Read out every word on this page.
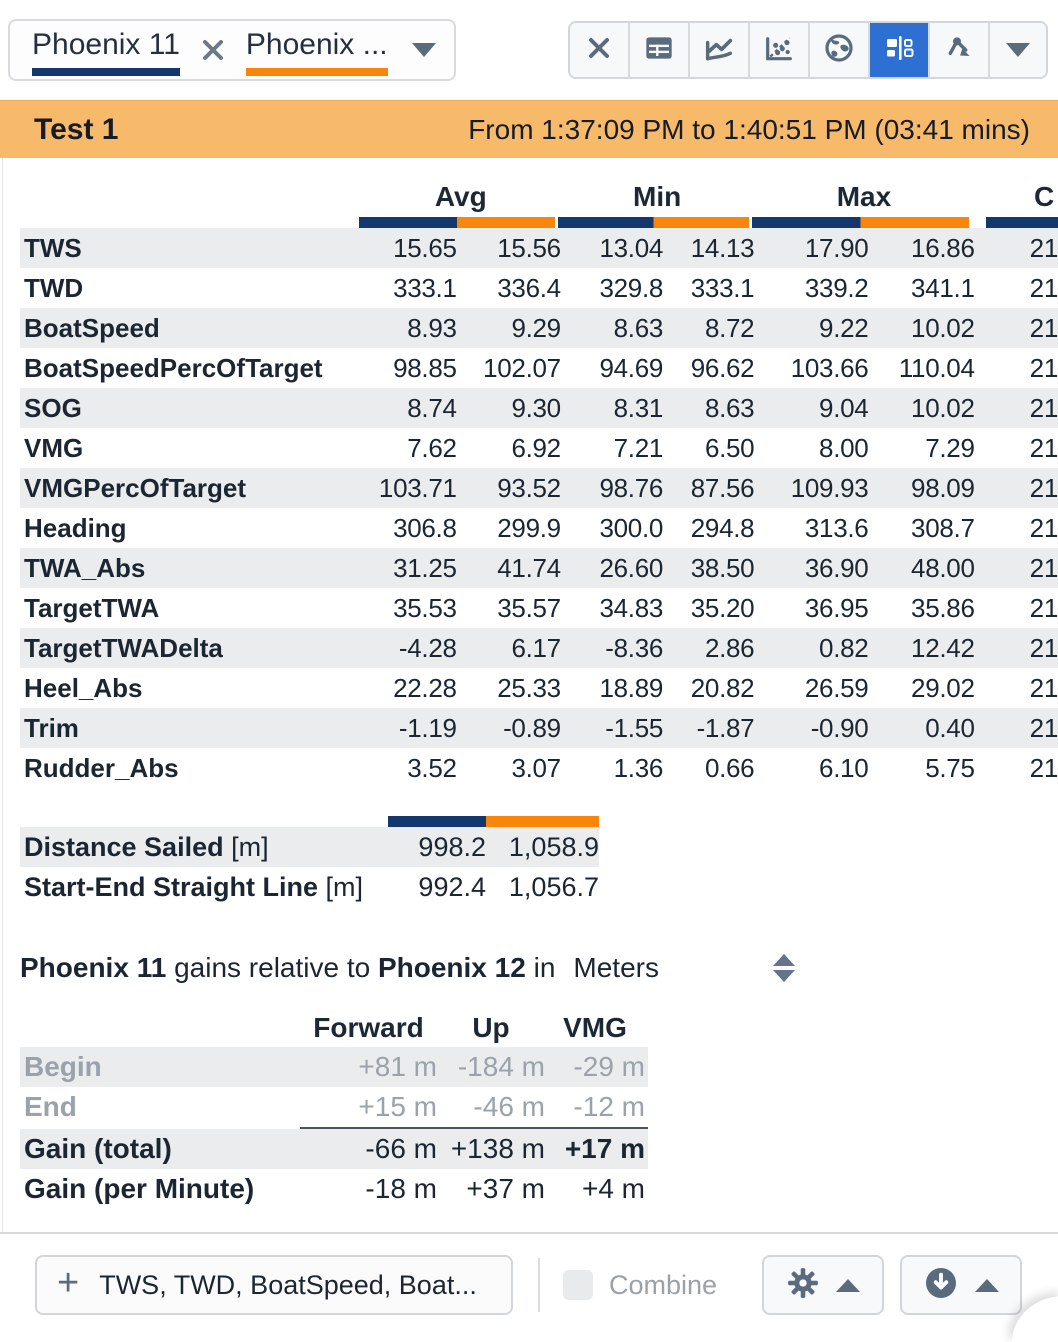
Phoenix 11 Phoenix ...
Test 1	From 1:37:09 PM to 1:40:51 PM (03:41 mins)
Avg	Min	Max	C
TWS	15.65	15.56	13.04	14.13	17.90	16.86	21
TWD	333.1	336.4	329.8	333.1	339.2	341.1	21
BoatSpeed	8.93	9.29	8.63	8.72	9.22	10.02	21
BoatSpeedPercOfTarget	98.85	102.07	94.69	96.62	103.66	110.04	21
SOG	8.74	9.30	8.31	8.63	9.04	10.02	21
VMG	7.62	6.92	7.21	6.50	8.00	7.29	21
VMGPercOfTarget	103.71	93.52	98.76	87.56	109.93	98.09	21
Heading	306.8	299.9	300.0	294.8	313.6	308.7	21
TWA_Abs	31.25	41.74	26.60	38.50	36.90	48.00	21
TargetTWA	35.53	35.57	34.83	35.20	36.95	35.86	21
TargetTWADelta	-4.28	6.17	-8.36	2.86	0.82	12.42	21
Heel_Abs	22.28	25.33	18.89	20.82	26.59	29.02	21
Trim	-1.19	-0.89	-1.55	-1.87	-0.90	0.40	21
Rudder_Abs	3.52	3.07	1.36	0.66	6.10	5.75	21
Distance Sailed [m]	998.2 1,058.9
Start-End Straight Line [m]	992.4 1,056.7
Phoenix 11 gains relative to Phoenix 12 in Meters
Forward	Up	VMG
Begin	+81 m -184 m	-29 m
End	+15 m	-46 m	-12 m
Gain (total)	-66 m +138 m +17 m
Gain (per Minute)	-18 m	+37 m	+4 m
+ TWS, TWD, BoatSpeed, Boat...	Combine
